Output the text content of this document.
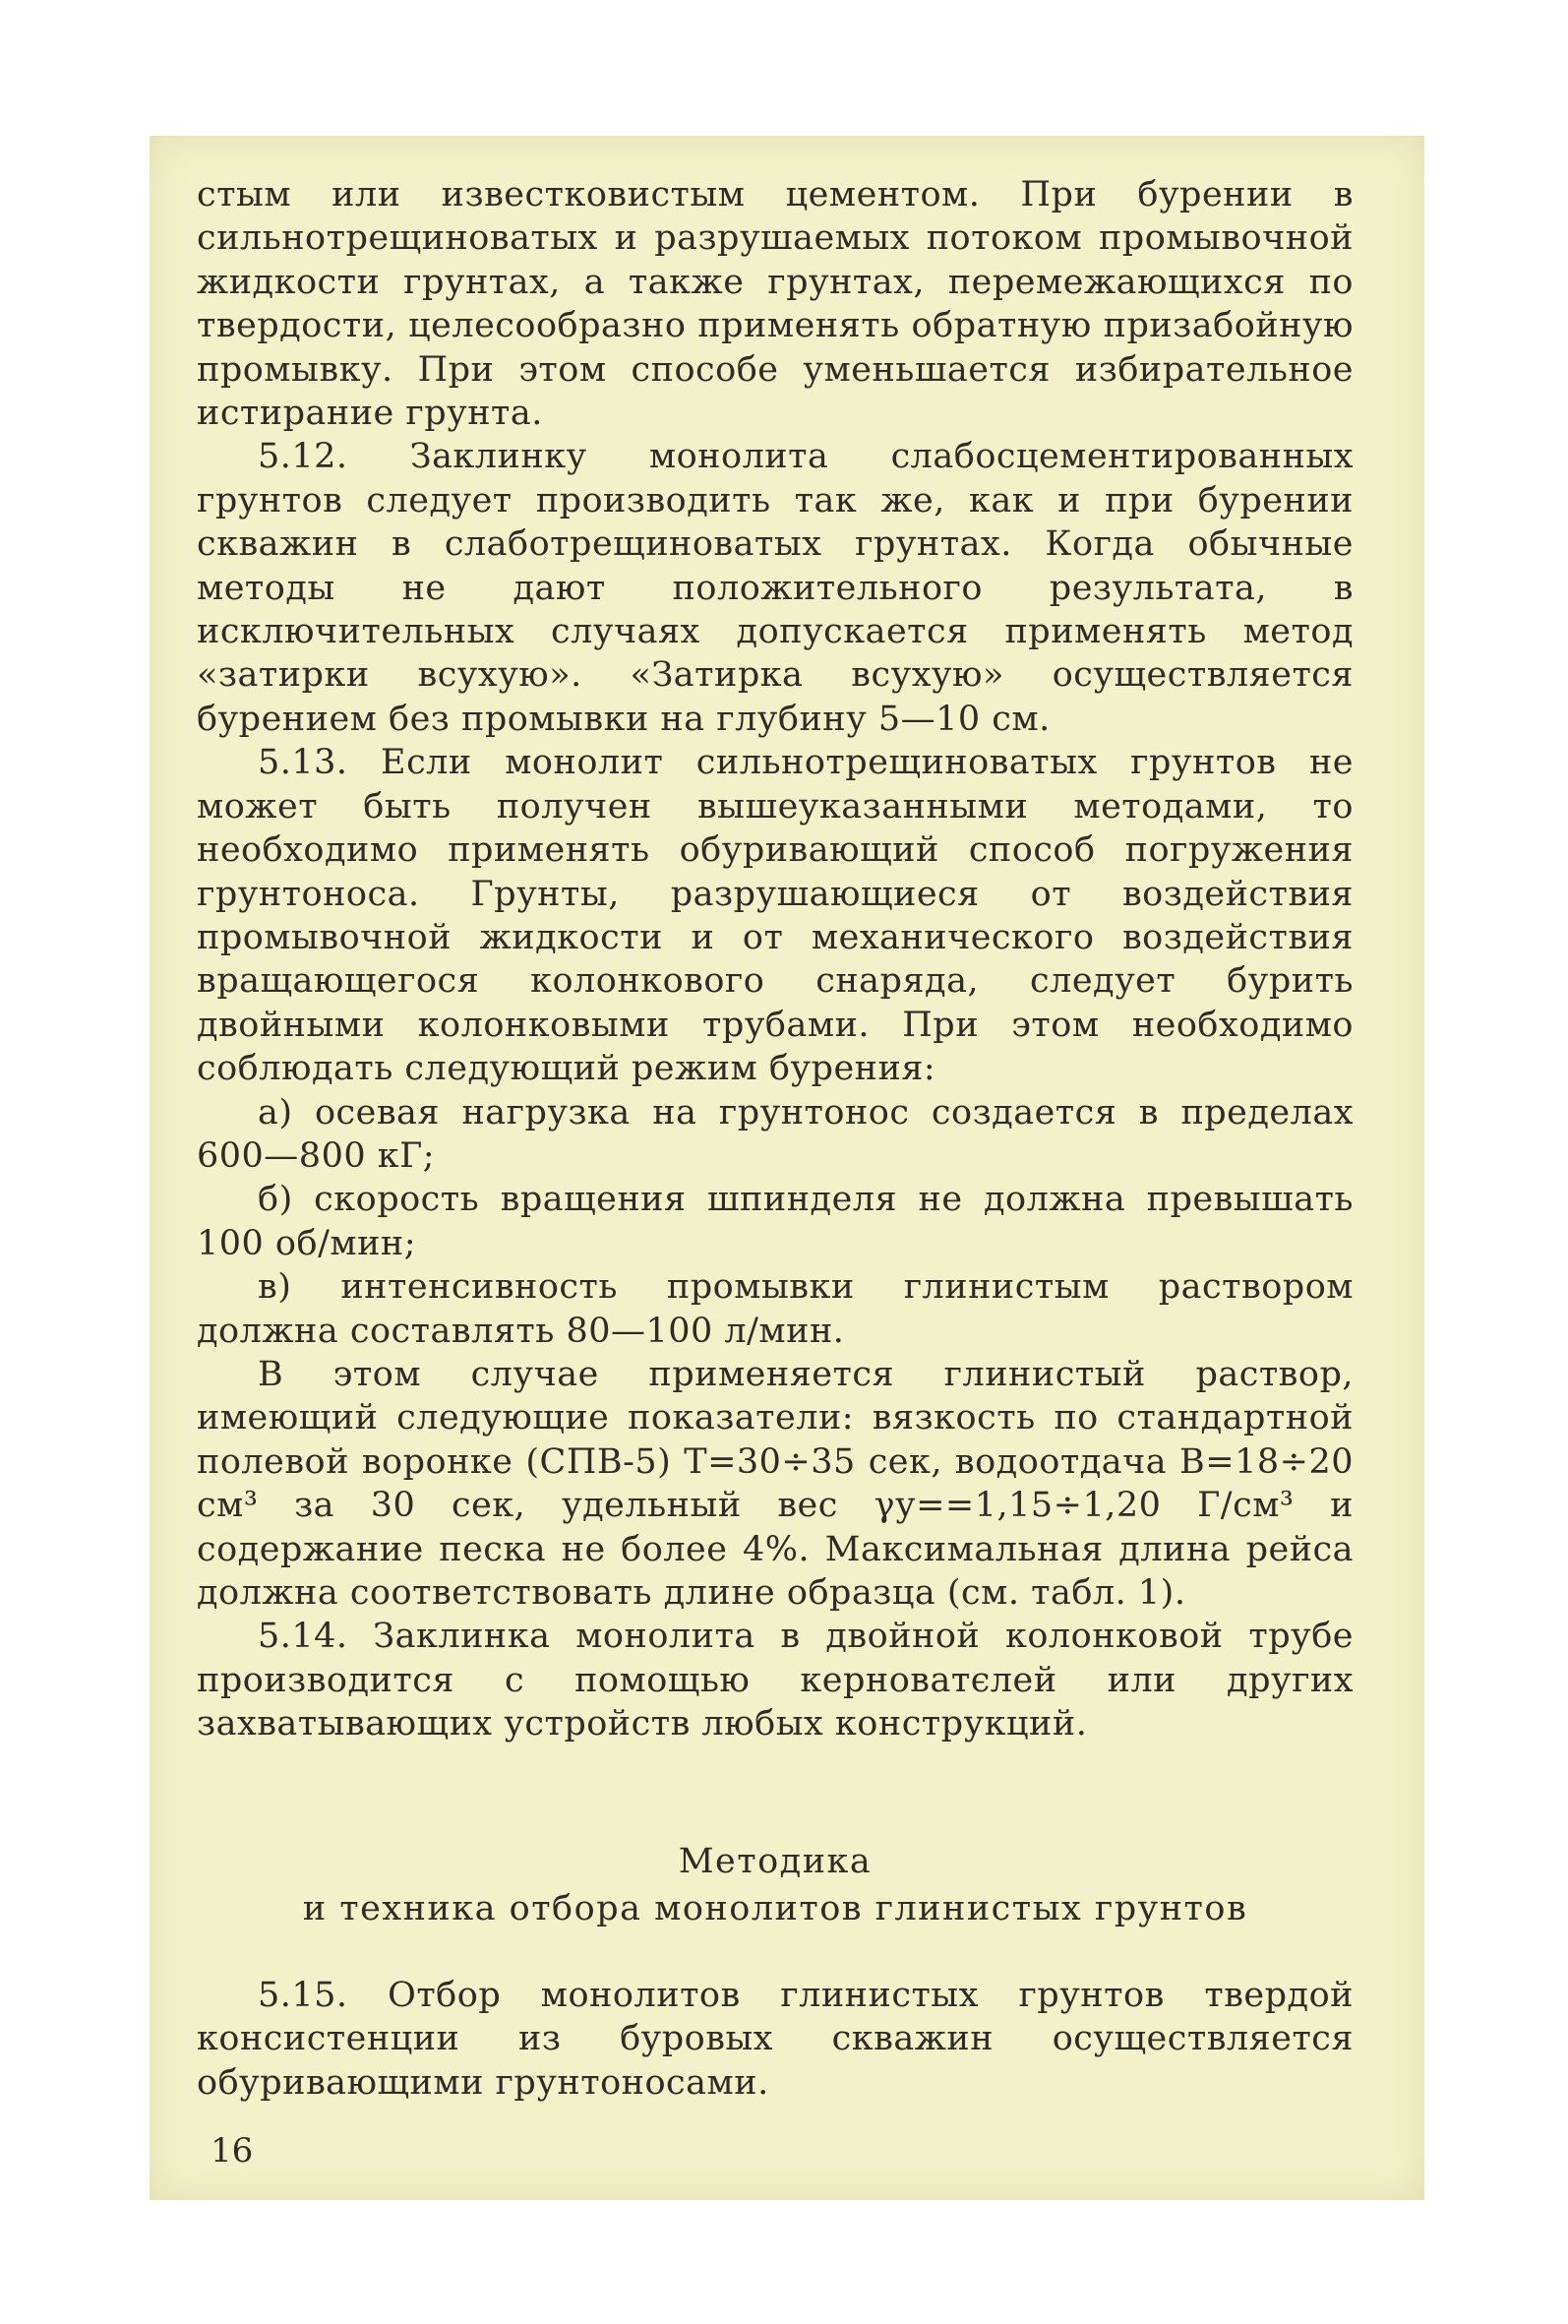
стым или известковистым цементом. При бурении в сильнотрещиноватых и разрушаемых потоком промывочной жидкости грунтах, а также грунтах, перемежающихся по твердости, целесообразно применять обратную призабойную промывку. При этом способе уменьшается избирательное истирание грунта.

5.12. Заклинку монолита слабосцементированных грунтов следует производить так же, как и при бурении скважин в слаботрещиноватых грунтах. Когда обычные методы не дают положительного результата, в исключительных случаях допускается применять метод «затирки всухую». «Затирка всухую» осуществляется бурением без промывки на глубину 5—10 см.

5.13. Если монолит сильнотрещиноватых грунтов не может быть получен вышеуказанными методами, то необходимо применять обуривающий способ погружения грунтоноса. Грунты, разрушающиеся от воздействия промывочной жидкости и от механического воздействия вращающегося колонкового снаряда, следует бурить двойными колонковыми трубами. При этом необходимо соблюдать следующий режим бурения:

а) осевая нагрузка на грунтонос создается в пределах 600—800 кГ;

б) скорость вращения шпинделя не должна превышать 100 об/мин;

в) интенсивность промывки глинистым раствором должна составлять 80—100 л/мин.

В этом случае применяется глинистый раствор, имеющий следующие показатели: вязкость по стандартной полевой воронке (СПВ-5) T=30÷35 сек, водоотдача B=18÷20 см³ за 30 сек, удельный вес γу==1,15÷1,20 Г/см³ и содержание песка не более 4%. Максимальная длина рейса должна соответствовать длине образца (см. табл. 1).

5.14. Заклинка монолита в двойной колонковой трубе производится с помощью керноватєлей или других захватывающих устройств любых конструкций.

Методика
и техника отбора монолитов глинистых грунтов

5.15. Отбор монолитов глинистых грунтов твердой консистенции из буровых скважин осуществляется обуривающими грунтоносами.

16
